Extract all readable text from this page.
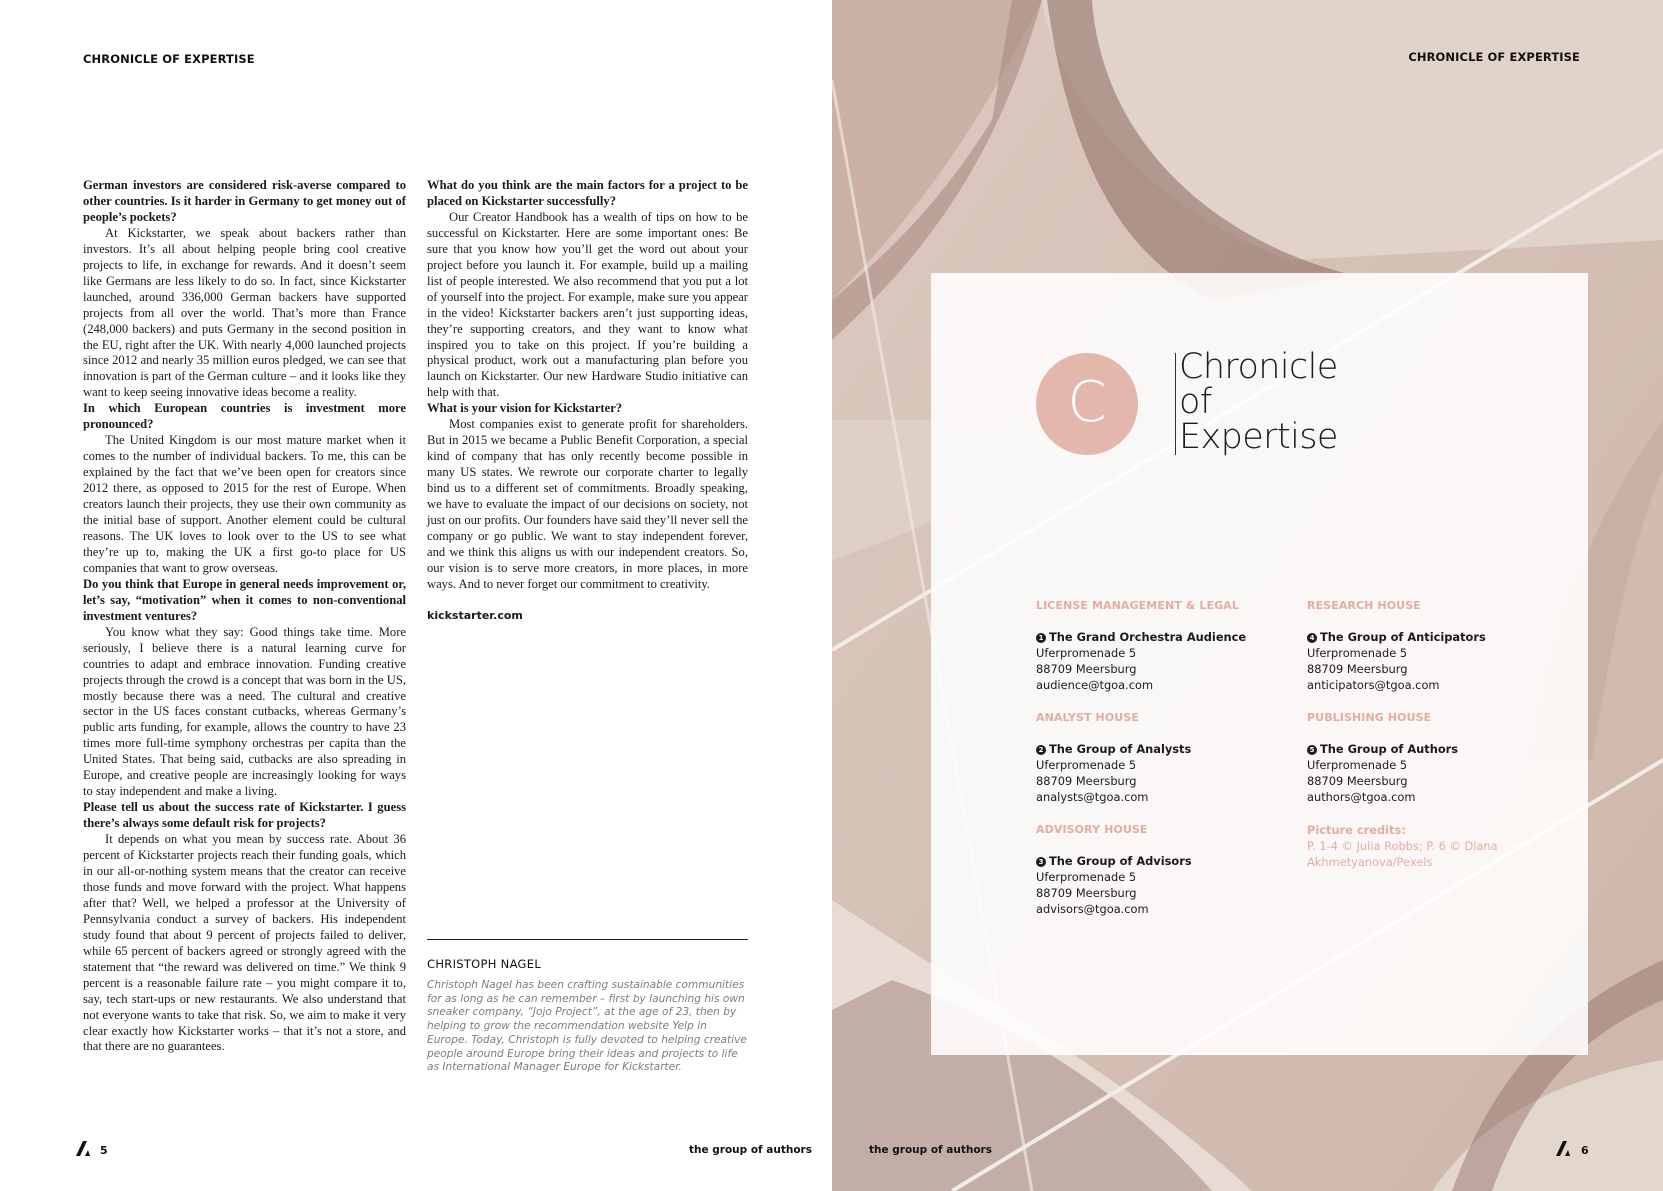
CHRONICLE OF EXPERTISE

German investors are considered risk-averse compared to other countries. Is it harder in Germany to get money out of people’s pockets?

At Kickstarter, we speak about backers rather than investors. It’s all about helping people bring cool creative projects to life, in exchange for rewards. And it doesn’t seem like Germans are less likely to do so. In fact, since Kickstarter launched, around 336,000 German backers have supported projects from all over the world. That’s more than France (248,000 backers) and puts Germany in the second position in the EU, right after the UK. With nearly 4,000 launched projects since 2012 and nearly 35 million euros pledged, we can see that innovation is part of the German culture – and it looks like they want to keep seeing innovative ideas become a reality.

In which European countries is investment more pronounced?

The United Kingdom is our most mature market when it comes to the number of individual backers. To me, this can be explained by the fact that we’ve been open for creators since 2012 there, as opposed to 2015 for the rest of Europe. When creators launch their projects, they use their own community as the initial base of support. Another element could be cultural reasons. The UK loves to look over to the US to see what they’re up to, making the UK a first go-to place for US companies that want to grow overseas.

Do you think that Europe in general needs improvement or, let’s say, “motivation” when it comes to non-conventional investment ventures?

You know what they say: Good things take time. More seriously, I believe there is a natural learning curve for countries to adapt and embrace innovation. Funding creative projects through the crowd is a concept that was born in the US, mostly because there was a need. The cultural and creative sector in the US faces constant cutbacks, whereas Germany’s public arts funding, for example, allows the country to have 23 times more full-time symphony orchestras per capita than the United States. That being said, cutbacks are also spreading in Europe, and creative people are increasingly looking for ways to stay independent and make a living.

Please tell us about the success rate of Kickstarter. I guess there’s always some default risk for projects?

It depends on what you mean by success rate. About 36 percent of Kickstarter projects reach their funding goals, which in our all-or-nothing system means that the creator can receive those funds and move forward with the project. What happens after that? Well, we helped a professor at the University of Pennsylvania conduct a survey of backers. His independent study found that about 9 percent of projects failed to deliver, while 65 percent of backers agreed or strongly agreed with the statement that “the reward was delivered on time.” We think 9 percent is a reasonable failure rate – you might compare it to, say, tech start-ups or new restaurants. We also understand that not everyone wants to take that risk. So, we aim to make it very clear exactly how Kickstarter works – that it’s not a store, and that there are no guarantees.

What do you think are the main factors for a project to be placed on Kickstarter successfully?

Our Creator Handbook has a wealth of tips on how to be successful on Kickstarter. Here are some important ones: Be sure that you know how you’ll get the word out about your project before you launch it. For example, build up a mailing list of people interested. We also recommend that you put a lot of yourself into the project. For example, make sure you appear in the video! Kickstarter backers aren’t just supporting ideas, they’re supporting creators, and they want to know what inspired you to take on this project. If you’re building a physical product, work out a manufacturing plan before you launch on Kickstarter. Our new Hardware Studio initiative can help with that.

What is your vision for Kickstarter?

Most companies exist to generate profit for shareholders. But in 2015 we became a Public Benefit Corporation, a special kind of company that has only recently become possible in many US states. We rewrote our corporate charter to legally bind us to a different set of commitments. Broadly speaking, we have to evaluate the impact of our decisions on society, not just on our profits. Our founders have said they’ll never sell the company or go public. We want to stay independent forever, and we think this aligns us with our independent creators. So, our vision is to serve more creators, in more places, in more ways. And to never forget our commitment to creativity.

kickstarter.com

CHRISTOPH NAGEL
Christoph Nagel has been crafting sustainable communities for as long as he can remember – first by launching his own sneaker company, “Jojo Project”, at the age of 23, then by helping to grow the recommendation website Yelp in Europe. Today, Christoph is fully devoted to helping creative people around Europe bring their ideas and projects to life as International Manager Europe for Kickstarter.
5	the group of authors
CHRONICLE OF EXPERTISE
C
Chronicle
of
Expertise
LICENSE MANAGEMENT & LEGAL
1 The Grand Orchestra Audience
Uferpromenade 5
88709 Meersburg
audience@tgoa.com
ANALYST HOUSE
2 The Group of Analysts
Uferpromenade 5
88709 Meersburg
analysts@tgoa.com
ADVISORY HOUSE
3 The Group of Advisors
Uferpromenade 5
88709 Meersburg
advisors@tgoa.com
RESEARCH HOUSE
4 The Group of Anticipators
Uferpromenade 5
88709 Meersburg
anticipators@tgoa.com
PUBLISHING HOUSE
5 The Group of Authors
Uferpromenade 5
88709 Meersburg
authors@tgoa.com
Picture credits:
P. 1-4 © Julia Robbs; P. 6 © Diana Akhmetyanova/Pexels
the group of authors	6
